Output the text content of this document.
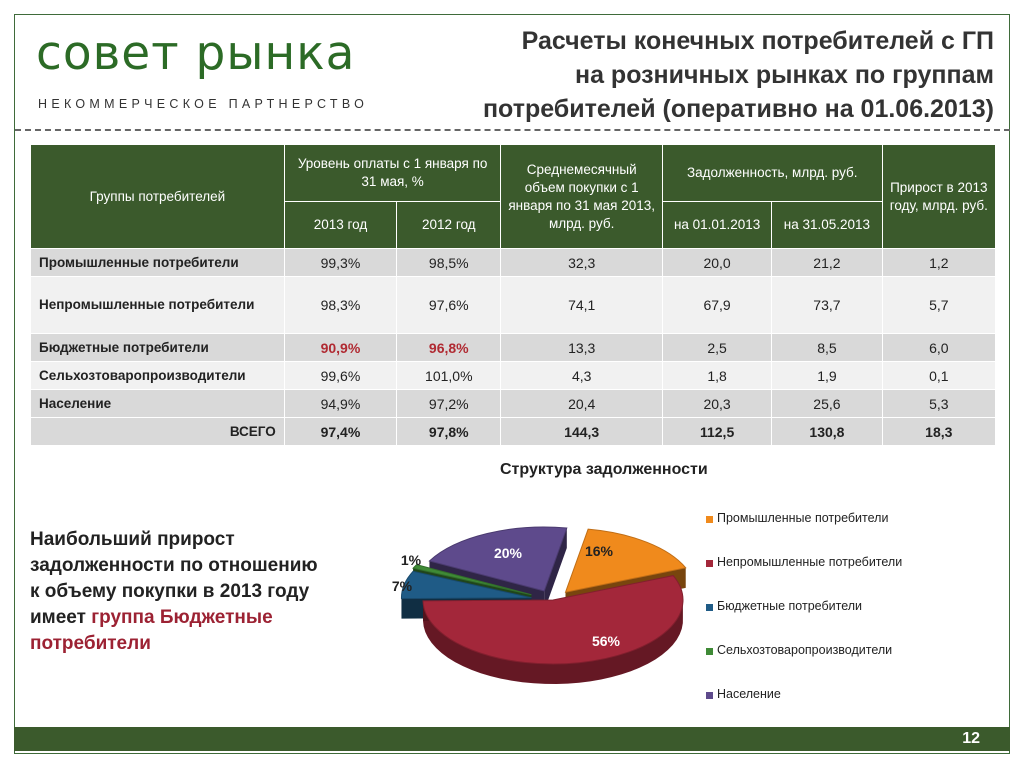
совет рынка
НЕКОММЕРЧЕСКОЕ ПАРТНЕРСТВО
Расчеты конечных потребителей с ГП
на розничных рынках по группам
потребителей (оперативно на 01.06.2013)
Группы потребителей	Уровень оплаты с 1 января по 31 мая, %		Среднемесячный объем покупки с 1 января по 31 мая 2013, млрд. руб.	Задолженность, млрд. руб.		Прирост в 2013 году, млрд. руб.
	2013 год	2012 год		на 01.01.2013	на 31.05.2013	
Промышленные потребители	99,3%	98,5%	32,3	20,0	21,2	1,2
Непромышленные потребители	98,3%	97,6%	74,1	67,9	73,7	5,7
Бюджетные потребители	90,9%	96,8%	13,3	2,5	8,5	6,0
Сельхозтоваропроизводители	99,6%	101,0%	4,3	1,8	1,9	0,1
Население	94,9%	97,2%	20,4	20,3	25,6	5,3
ВСЕГО	97,4%	97,8%	144,3	112,5	130,8	18,3
Структура задолженности
Наибольший прирост задолженности по отношению к объему покупки в 2013 году имеет группа Бюджетные потребители
16%
56%
7%
1%	20%
Промышленные потребители
Непромышленные потребители
Бюджетные потребители
Сельхозтоваропроизводители
Население
12
